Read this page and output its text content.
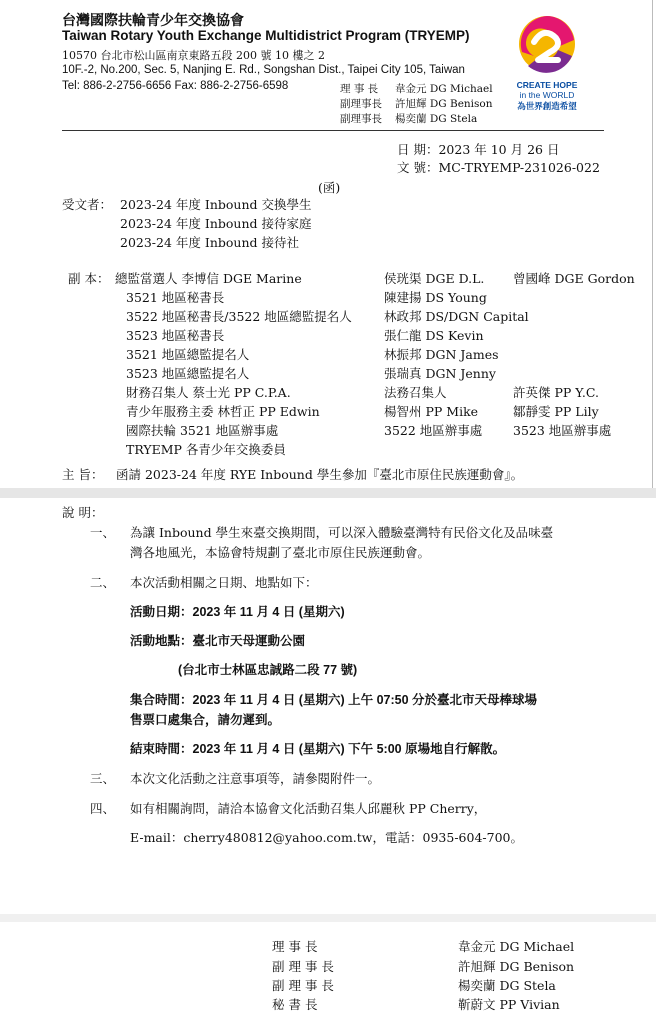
台灣國際扶輪青少年交換協會
Taiwan Rotary Youth Exchange Multidistrict Program (TRYEMP)
10570 台北市松山區南京東路五段 200 號 10 樓之 2
10F.-2, No.200, Sec. 5, Nanjing E. Rd., Songshan Dist., Taipei City 105, Taiwan
Tel: 886-2-2756-6656 Fax: 886-2-2756-6598	理 事 長 韋金元 DG Michael
副理事長 許旭輝 DG Benison
副理事長 楊奕蘭 DG Stela
CREATE HOPE
in the WORLD
為世界創造希望
日 期：2023 年 10 月 26 日
文 號：MC-TRYEMP-231026-022
(函)
受文者： 2023-24 年度 Inbound 交換學生
2023-24 年度 Inbound 接待家庭
2023-24 年度 Inbound 接待社
副 本： 總監當選人 李博信 DGE Marine	侯珖渠 DGE D.L. 曾國峰 DGE Gordon
3521 地區秘書長	陳建揚 DS Young
3522 地區秘書長/3522 地區總監提名人	林政邦 DS/DGN Capital
3523 地區秘書長	張仁龍 DS Kevin
3521 地區總監提名人	林振邦 DGN James
3523 地區總監提名人	張瑞真 DGN Jenny
財務召集人 蔡士光 PP C.P.A.	法務召集人	許英傑 PP Y.C.
青少年服務主委 林哲正 PP Edwin	楊智州 PP Mike	鄒靜雯 PP Lily
國際扶輪 3521 地區辦事處	3522 地區辦事處 3523 地區辦事處
TRYEMP 各青少年交換委員
主 旨： 函請 2023-24 年度 RYE Inbound 學生參加『臺北市原住民族運動會』。
說 明：
一、 為讓 Inbound 學生來臺交換期間，可以深入體驗臺灣特有民俗文化及品味臺
灣各地風光，本協會特規劃了臺北市原住民族運動會。
二、 本次活動相關之日期、地點如下：
活動日期：2023 年 11 月 4 日 (星期六)
活動地點：臺北市天母運動公園
(台北市士林區忠誠路二段 77 號)
集合時間：2023 年 11 月 4 日 (星期六) 上午 07:50 分於臺北市天母棒球場
售票口處集合，請勿遲到。
結束時間：2023 年 11 月 4 日 (星期六) 下午 5:00 原場地自行解散。
三、 本次文化活動之注意事項等，請參閱附件一。
四、 如有相關詢問，請洽本協會文化活動召集人邱麗秋 PP Cherry，
E-mail：cherry480812@yahoo.com.tw，電話：0935-604-700。
理 事 長	韋金元 DG Michael
副 理 事 長	許旭輝 DG Benison
副 理 事 長	楊奕蘭 DG Stela
秘 書 長	靳蔚文 PP Vivian
